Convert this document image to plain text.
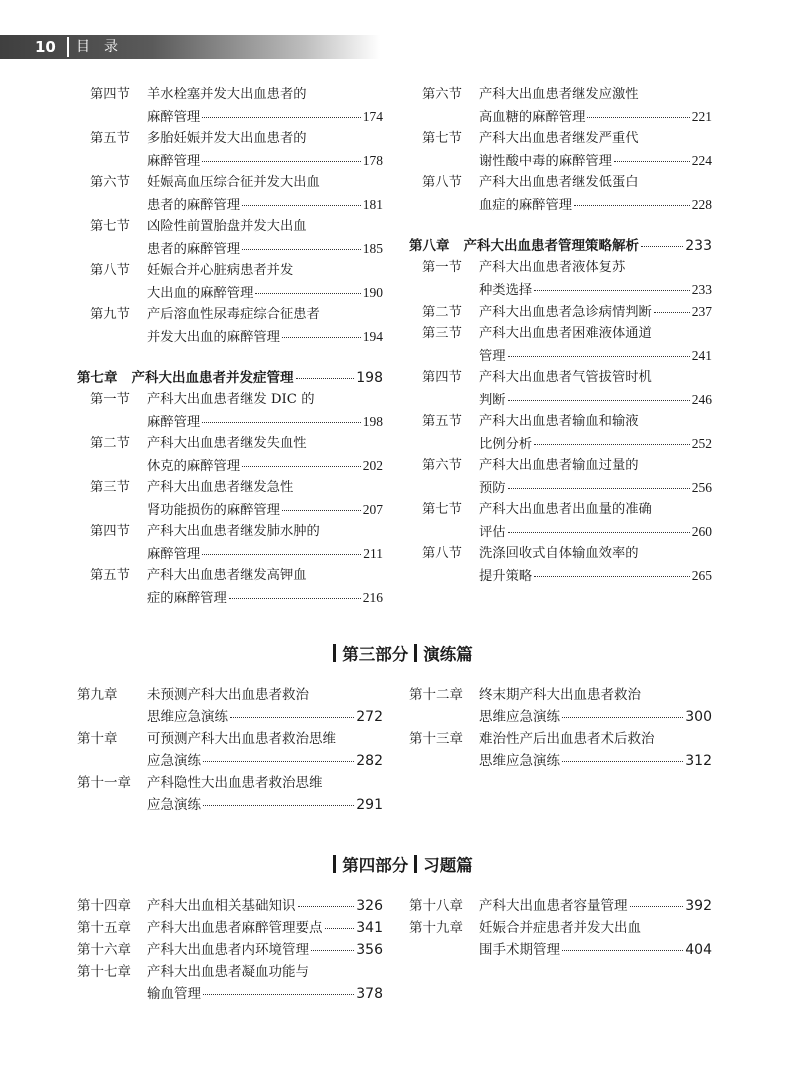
10 目录
第四节	羊水栓塞并发大出血患者的
麻醉管理	174
第五节	多胎妊娠并发大出血患者的
麻醉管理	178
第六节	妊娠高血压综合征并发大出血
患者的麻醉管理	181
第七节	凶险性前置胎盘并发大出血
患者的麻醉管理	185
第八节	妊娠合并心脏病患者并发
大出血的麻醉管理	190
第九节	产后溶血性尿毒症综合征患者
并发大出血的麻醉管理	194
第七章 产科大出血患者并发症管理	198
第一节	产科大出血患者继发 DIC 的
麻醉管理	198
第二节	产科大出血患者继发失血性
休克的麻醉管理	202
第三节	产科大出血患者继发急性
肾功能损伤的麻醉管理	207
第四节	产科大出血患者继发肺水肿的
麻醉管理	211
第五节	产科大出血患者继发高钾血
症的麻醉管理	216
第六节	产科大出血患者继发应激性
高血糖的麻醉管理	221
第七节	产科大出血患者继发严重代
谢性酸中毒的麻醉管理	224
第八节	产科大出血患者继发低蛋白
血症的麻醉管理	228
第八章 产科大出血患者管理策略解析	233
第一节	产科大出血患者液体复苏
种类选择	233
第二节	产科大出血患者急诊病情判断	237
第三节	产科大出血患者困难液体通道
管理	241
第四节	产科大出血患者气管拔管时机
判断	246
第五节	产科大出血患者输血和输液
比例分析	252
第六节	产科大出血患者输血过量的
预防	256
第七节	产科大出血患者出血量的准确
评估	260
第八节	洗涤回收式自体输血效率的
提升策略	265
第三部分 演练篇
第九章	未预测产科大出血患者救治
思维应急演练	272
第十章	可预测产科大出血患者救治思维
应急演练	282
第十一章	产科隐性大出血患者救治思维
应急演练	291
第十二章	终末期产科大出血患者救治
思维应急演练	300
第十三章	难治性产后出血患者术后救治
思维应急演练	312
第四部分 习题篇
第十四章	产科大出血相关基础知识	326
第十五章	产科大出血患者麻醉管理要点 341
第十六章	产科大出血患者内环境管理	356
第十七章	产科大出血患者凝血功能与
输血管理	378
第十八章	产科大出血患者容量管理	392
第十九章	妊娠合并症患者并发大出血
围手术期管理	404
